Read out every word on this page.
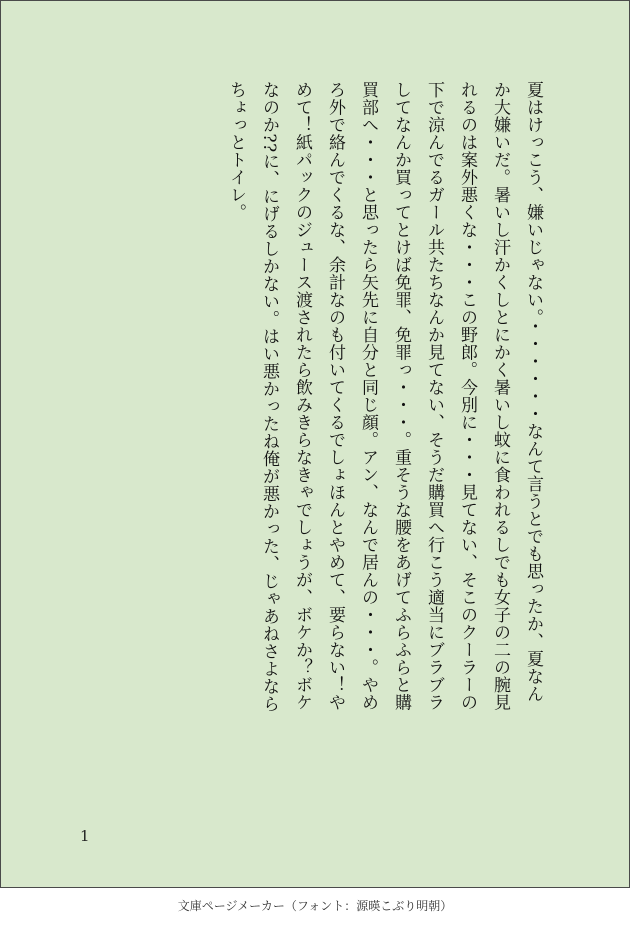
夏はけっこう、嫌いじゃない。・・・・・・なんて言うとでも思ったか、夏なん

か大嫌いだ。暑いし汗かくしとにかく暑いし蚊に食われるしでも女子の二の腕見

れるのは案外悪くな・・・この野郎。今別に・・・見てない、そこのクーラーの

下で涼んでるガール共たちなんか見てない、そうだ購買へ行こう適当にブラブラ

してなんか買ってとけば免罪、免罪っ・・・。重そうな腰をあげてふらふらと購

買部へ・・・と思ったら矢先に自分と同じ顔。アン、なんで居んの・・・。やめ

ろ外で絡んでくるな、余計なのも付いてくるでしょほんとやめて、要らない！や

めて！紙パックのジュース渡されたら飲みきらなきゃでしょうが、ボケか？ボケ

なのか??に、にげるしかない。はい悪かったね俺が悪かった、じゃあねさよなら

ちょっとトイレ。

1
文庫ページメーカー（フォント：源暎こぶり明朝）
